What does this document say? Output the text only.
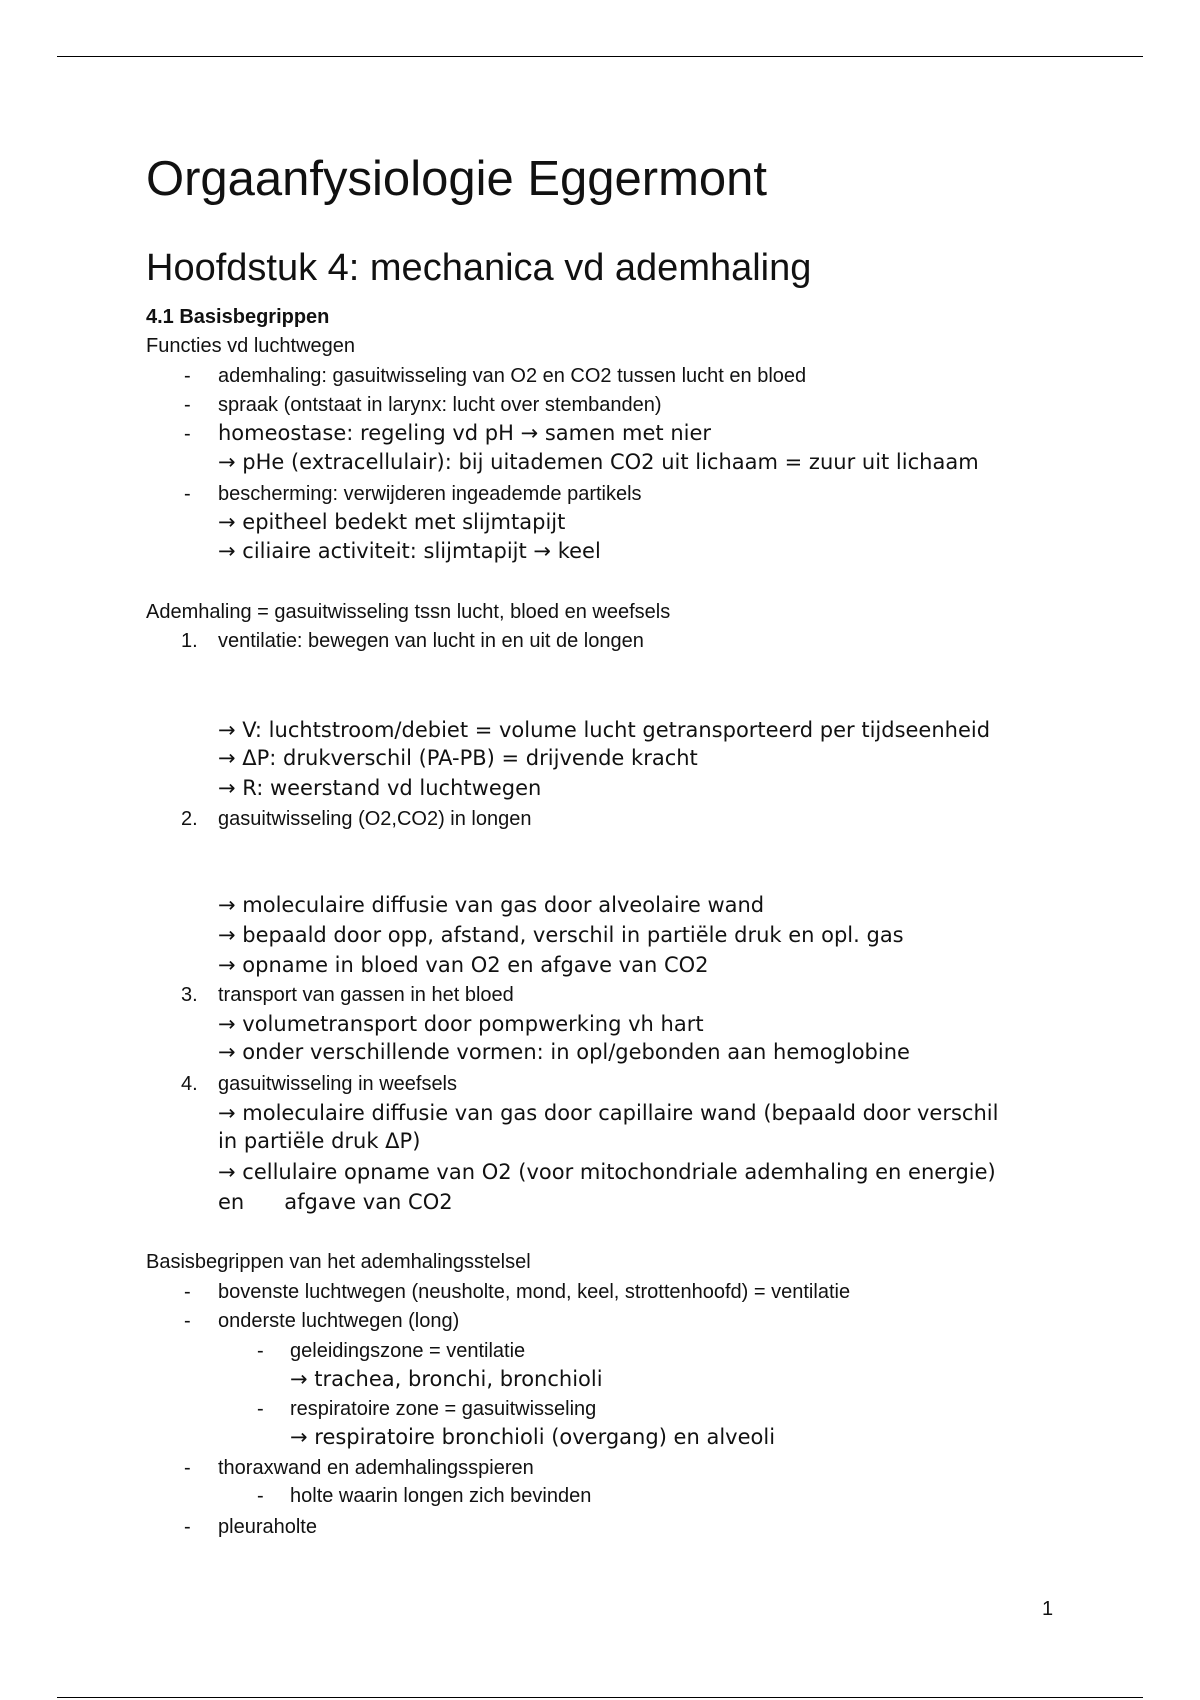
Orgaanfysiologie Eggermont
Hoofdstuk 4: mechanica vd ademhaling
4.1 Basisbegrippen
Functies vd luchtwegen
- ademhaling: gasuitwisseling van O2 en CO2 tussen lucht en bloed
- spraak (ontstaat in larynx: lucht over stembanden)
- homeostase: regeling vd pH → samen met nier
→ pHe (extracellulair): bij uitademen CO2 uit lichaam = zuur uit lichaam
- bescherming: verwijderen ingeademde partikels
→ epitheel bedekt met slijmtapijt
→ ciliaire activiteit: slijmtapijt → keel
Ademhaling = gasuitwisseling tssn lucht, bloed en weefsels
1. ventilatie: bewegen van lucht in en uit de longen
→ V: luchtstroom/debiet = volume lucht getransporteerd per tijdseenheid
→ ΔP: drukverschil (PA-PB) = drijvende kracht
→ R: weerstand vd luchtwegen
2. gasuitwisseling (O2,CO2) in longen
→ moleculaire diffusie van gas door alveolaire wand
→ bepaald door opp, afstand, verschil in partiële druk en opl. gas
→ opname in bloed van O2 en afgave van CO2
3. transport van gassen in het bloed
→ volumetransport door pompwerking vh hart
→ onder verschillende vormen: in opl/gebonden aan hemoglobine
4. gasuitwisseling in weefsels
→ moleculaire diffusie van gas door capillaire wand (bepaald door verschil
in partiële druk ΔP)
→ cellulaire opname van O2 (voor mitochondriale ademhaling en energie)
en      afgave van CO2
Basisbegrippen van het ademhalingsstelsel
- bovenste luchtwegen (neusholte, mond, keel, strottenhoofd) = ventilatie
- onderste luchtwegen (long)
- geleidingszone = ventilatie
→ trachea, bronchi, bronchioli
- respiratoire zone = gasuitwisseling
→ respiratoire bronchioli (overgang) en alveoli
- thoraxwand en ademhalingsspieren
- holte waarin longen zich bevinden
- pleuraholte
1
